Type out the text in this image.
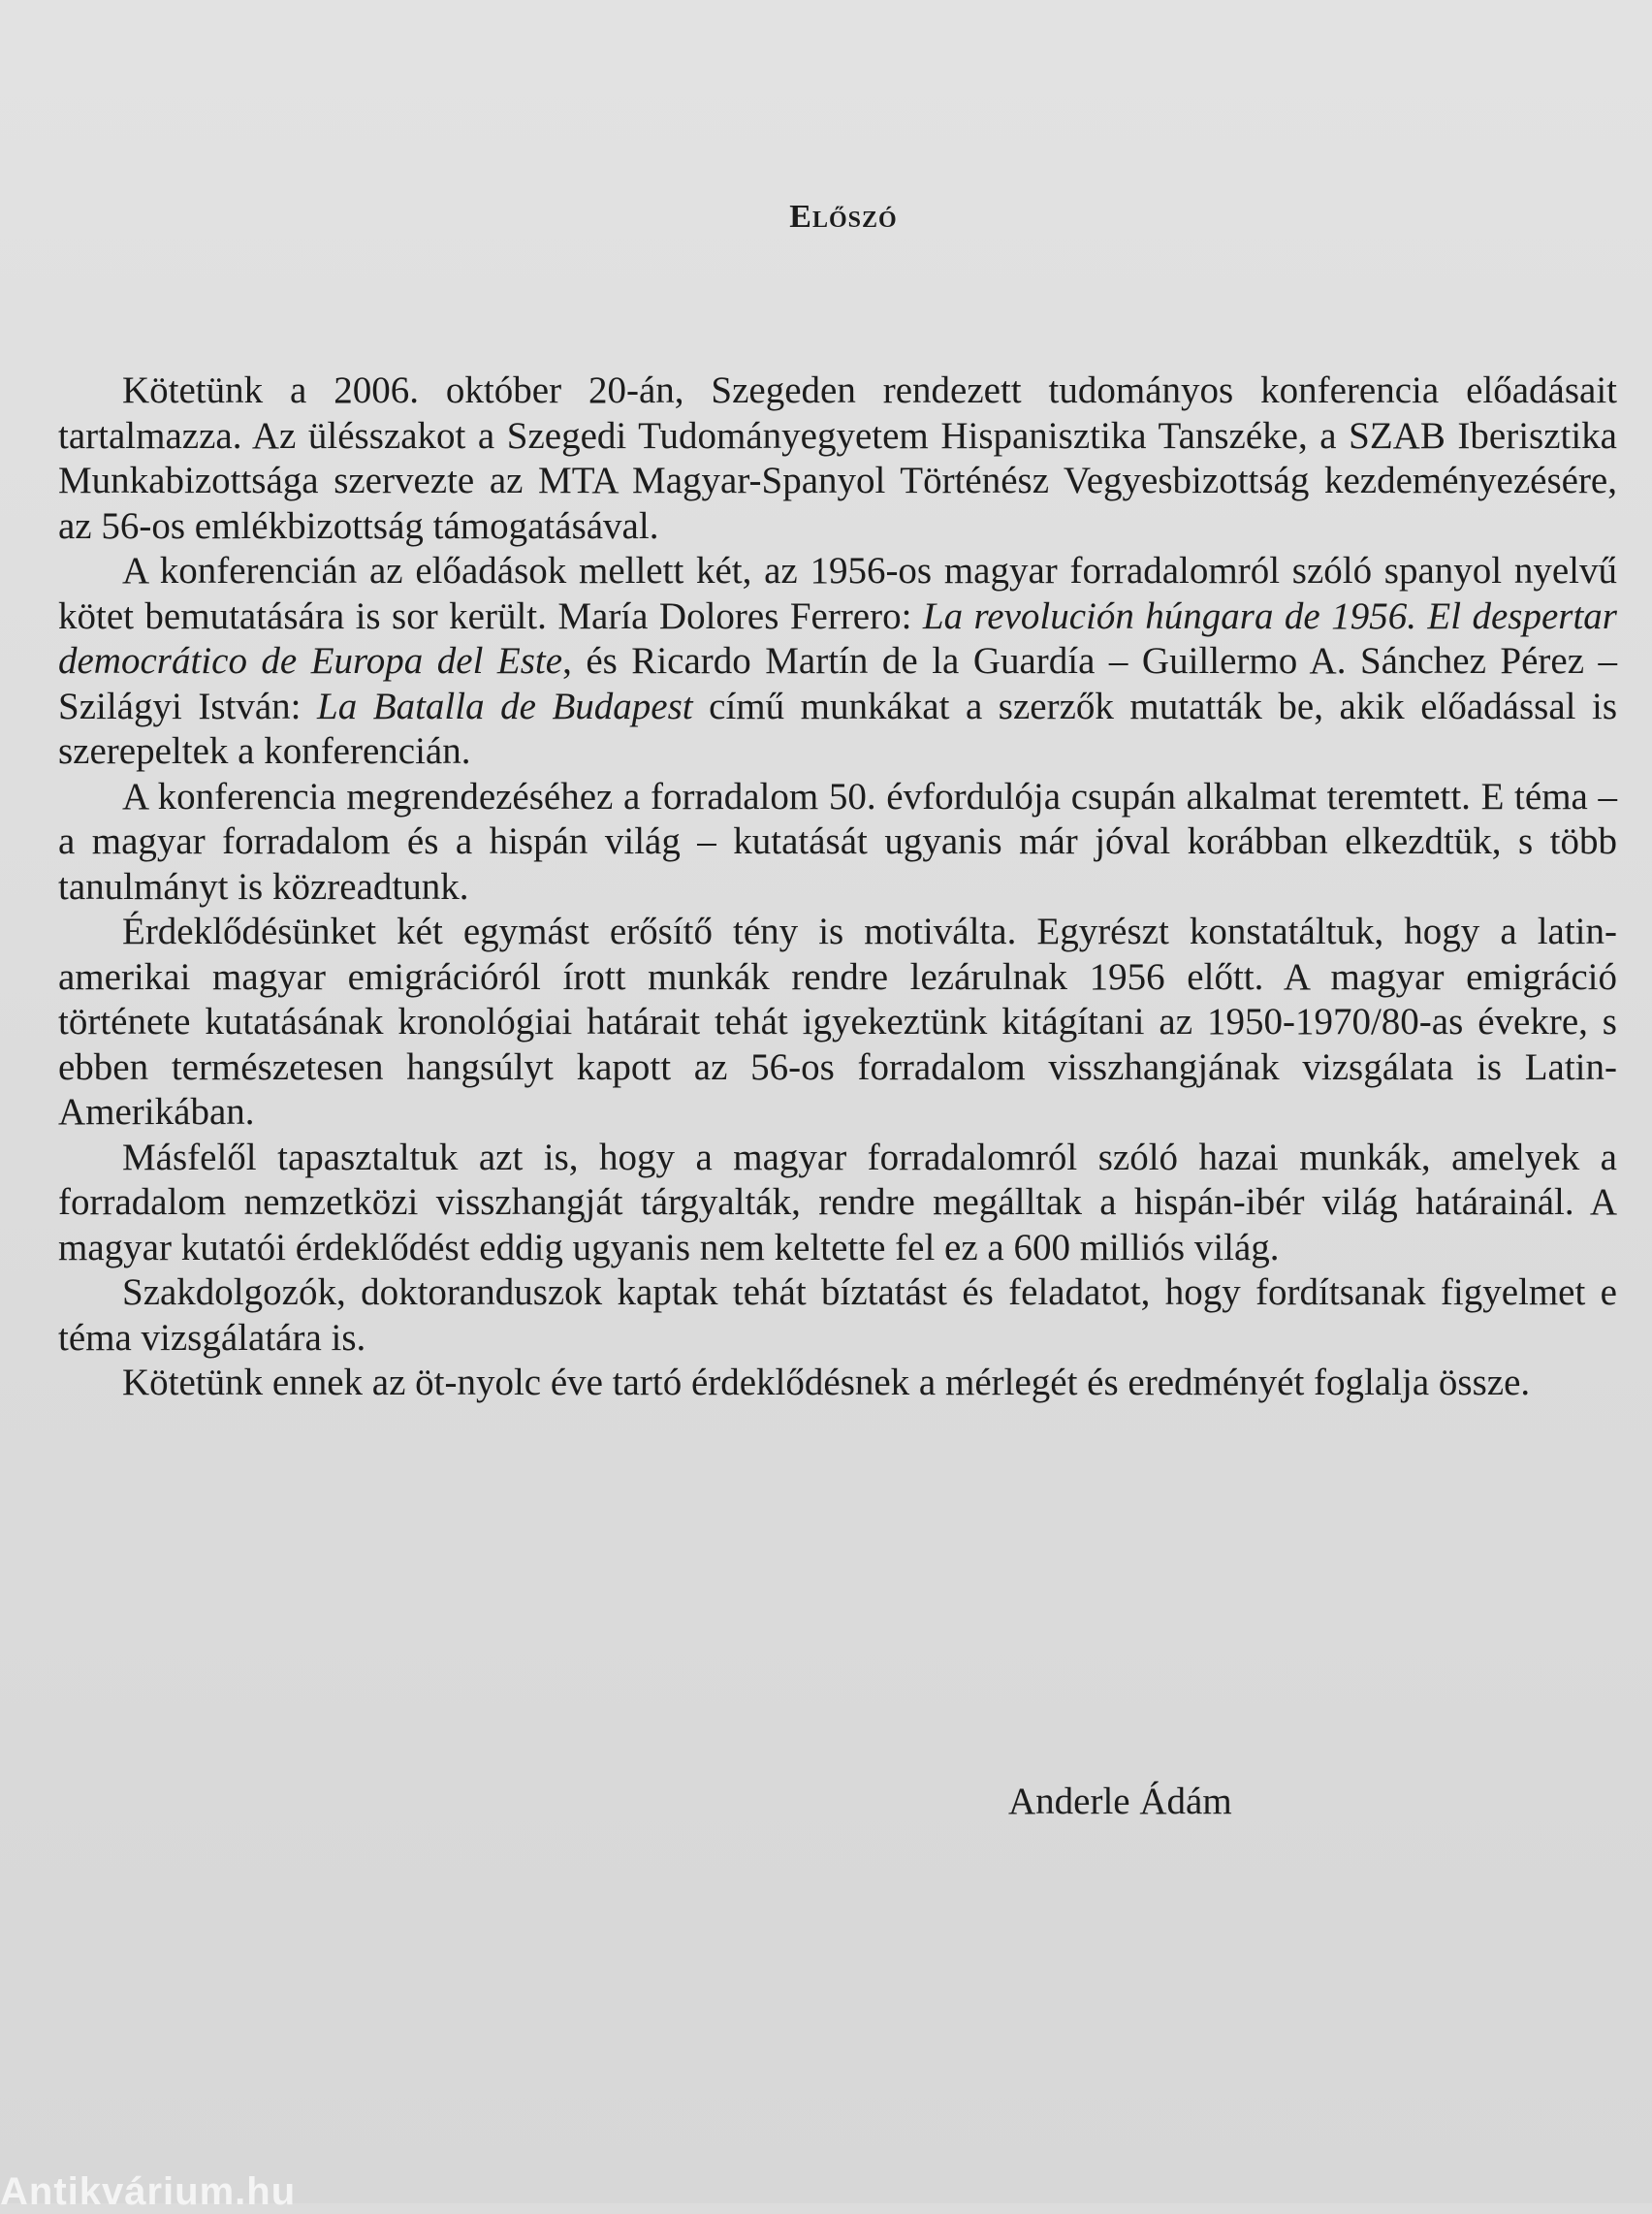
Előszó

Kötetünk a 2006. október 20-án, Szegeden rendezett tudományos konferencia előadásait tartalmazza. Az ülésszakot a Szegedi Tudományegyetem Hispanisztika Tanszéke, a SZAB Iberisztika Munkabizottsága szervezte az MTA Magyar-Spanyol Történész Vegyesbizottság kezdeményezésére, az 56-os emlékbizottság támogatásával.

A konferencián az előadások mellett két, az 1956-os magyar forradalomról szóló spanyol nyelvű kötet bemutatására is sor került. María Dolores Ferrero: La revolución húngara de 1956. El despertar democrático de Europa del Este, és Ricardo Martín de la Guardía – Guillermo A. Sánchez Pérez – Szilágyi István: La Batalla de Budapest című munkákat a szerzők mutatták be, akik előadással is szerepeltek a konferencián.

A konferencia megrendezéséhez a forradalom 50. évfordulója csupán alkalmat teremtett. E téma – a magyar forradalom és a hispán világ – kutatását ugyanis már jóval korábban elkezdtük, s több tanulmányt is közreadtunk.

Érdeklődésünket két egymást erősítő tény is motiválta. Egyrészt konstatáltuk, hogy a latin-amerikai magyar emigrációról írott munkák rendre lezárulnak 1956 előtt. A magyar emigráció története kutatásának kronológiai határait tehát igyekeztünk kitágítani az 1950-1970/80-as évekre, s ebben természetesen hangsúlyt kapott az 56-os forradalom visszhangjának vizsgálata is Latin-Amerikában.

Másfelől tapasztaltuk azt is, hogy a magyar forradalomról szóló hazai munkák, amelyek a forradalom nemzetközi visszhangját tárgyalták, rendre megálltak a hispán-ibér világ határainál. A magyar kutatói érdeklődést eddig ugyanis nem keltette fel ez a 600 milliós világ.

Szakdolgozók, doktoranduszok kaptak tehát bíztatást és feladatot, hogy fordítsanak figyelmet e téma vizsgálatára is.

Kötetünk ennek az öt-nyolc éve tartó érdeklődésnek a mérlegét és eredményét foglalja össze.

Anderle Ádám
Antikvárium.hu
